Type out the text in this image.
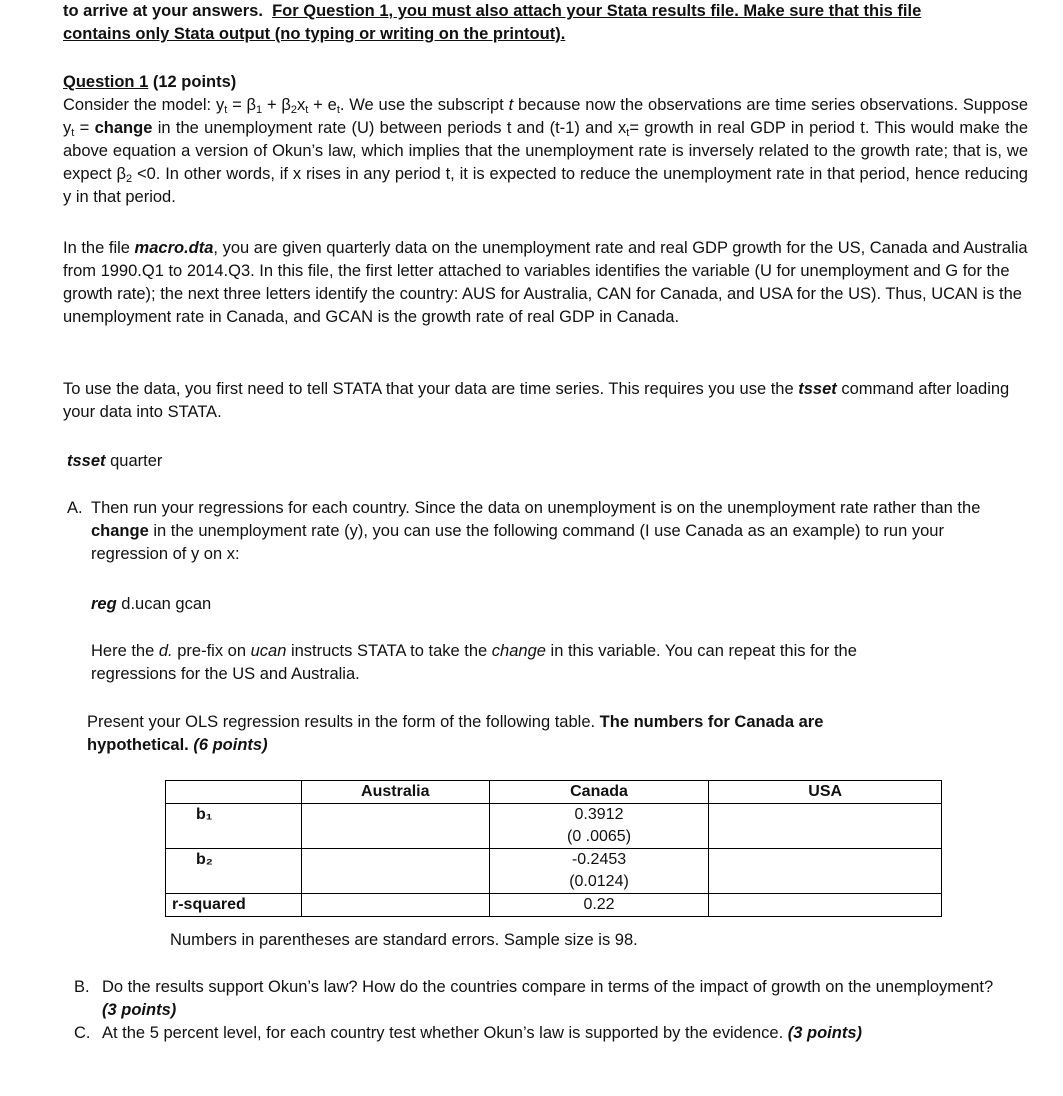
to arrive at your answers. For Question 1, you must also attach your Stata results file. Make sure that this file
contains only Stata output (no typing or writing on the printout).
Question 1 (12 points)
Consider the model: $y_t = \beta_1 + \beta_2x_t + e_t$. We use the subscript t because now the observations are time series observations. Suppose $y_t$ = change in the unemployment rate (U) between periods t and (t-1) and $x_t=$ growth in real GDP in period t. This would make the above equation a version of Okun’s law, which implies that the unemployment rate is inversely related to the growth rate; that is, we expect $\beta_2 <0$. In other words, if x rises in any period t, it is expected to reduce the unemployment rate in that period, hence reducing y in that period.
In the file macro.dta, you are given quarterly data on the unemployment rate and real GDP growth for the US, Canada and Australia from 1990.Q1 to 2014.Q3. In this file, the first letter attached to variables identifies the variable (U for unemployment and G for the growth rate); the next three letters identify the country: AUS for Australia, CAN for Canada, and USA for the US). Thus, UCAN is the unemployment rate in Canada, and GCAN is the growth rate of real GDP in Canada.
To use the data, you first need to tell STATA that your data are time series. This requires you use the tsset command after loading your data into STATA.
tsset quarter
A. Then run your regressions for each country. Since the data on unemployment is on the unemployment rate rather than the change in the unemployment rate (y), you can use the following command (I use Canada as an example) to run your regression of y on x:
reg d.ucan gcan
Here the d. pre-fix on ucan instructs STATA to take the change in this variable. You can repeat this for the regressions for the US and Australia.
Present your OLS regression results in the form of the following table. The numbers for Canada are hypothetical. (6 points)
	Australia	Canada	USA
b₁		0.3912
(0 .0065)	

b₂		-0.2453
(0.0124)	

r-squared		0.22	
Numbers in parentheses are standard errors. Sample size is 98.
B. Do the results support Okun’s law? How do the countries compare in terms of the impact of growth on the unemployment? (3 points)
C. At the 5 percent level, for each country test whether Okun’s law is supported by the evidence. (3 points)
